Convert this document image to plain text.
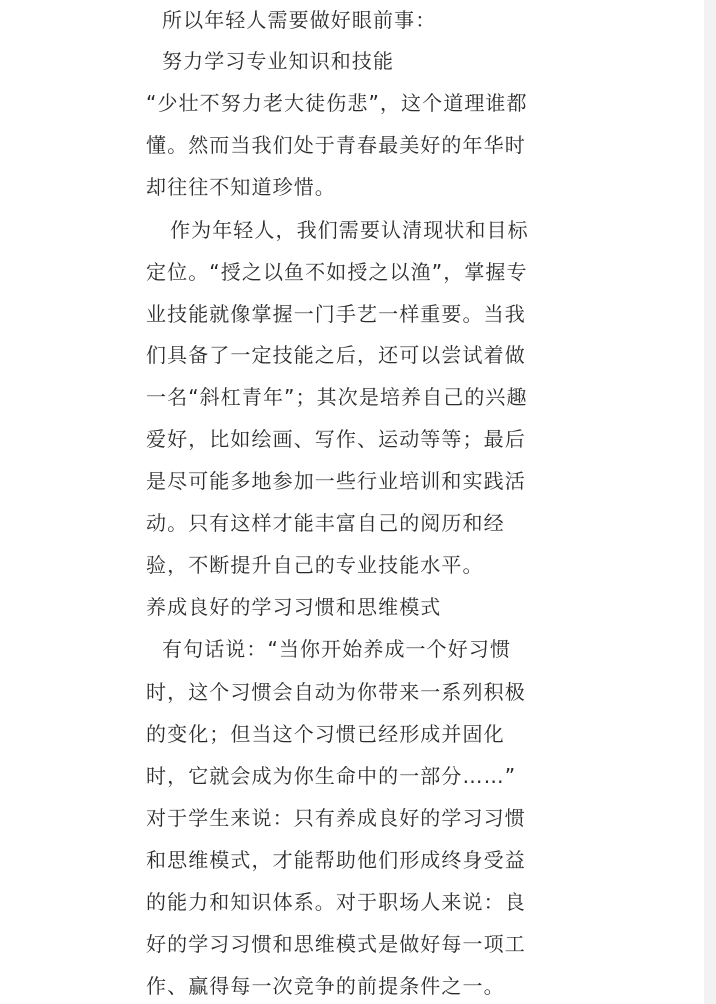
所以年轻人需要做好眼前事：
努力学习专业知识和技能
“少壮不努力老大徒伤悲”，这个道理谁都
懂。然而当我们处于青春最美好的年华时
却往往不知道珍惜。
作为年轻人，我们需要认清现状和目标
定位。“授之以鱼不如授之以渔”，掌握专
业技能就像掌握一门手艺一样重要。当我
们具备了一定技能之后，还可以尝试着做
一名“斜杠青年”；其次是培养自己的兴趣
爱好，比如绘画、写作、运动等等；最后
是尽可能多地参加一些行业培训和实践活
动。只有这样才能丰富自己的阅历和经
验，不断提升自己的专业技能水平。
养成良好的学习习惯和思维模式
有句话说：“当你开始养成一个好习惯
时，这个习惯会自动为你带来一系列积极
的变化；但当这个习惯已经形成并固化
时，它就会成为你生命中的一部分……”
对于学生来说：只有养成良好的学习习惯
和思维模式，才能帮助他们形成终身受益
的能力和知识体系。对于职场人来说：良
好的学习习惯和思维模式是做好每一项工
作、赢得每一次竞争的前提条件之一。
